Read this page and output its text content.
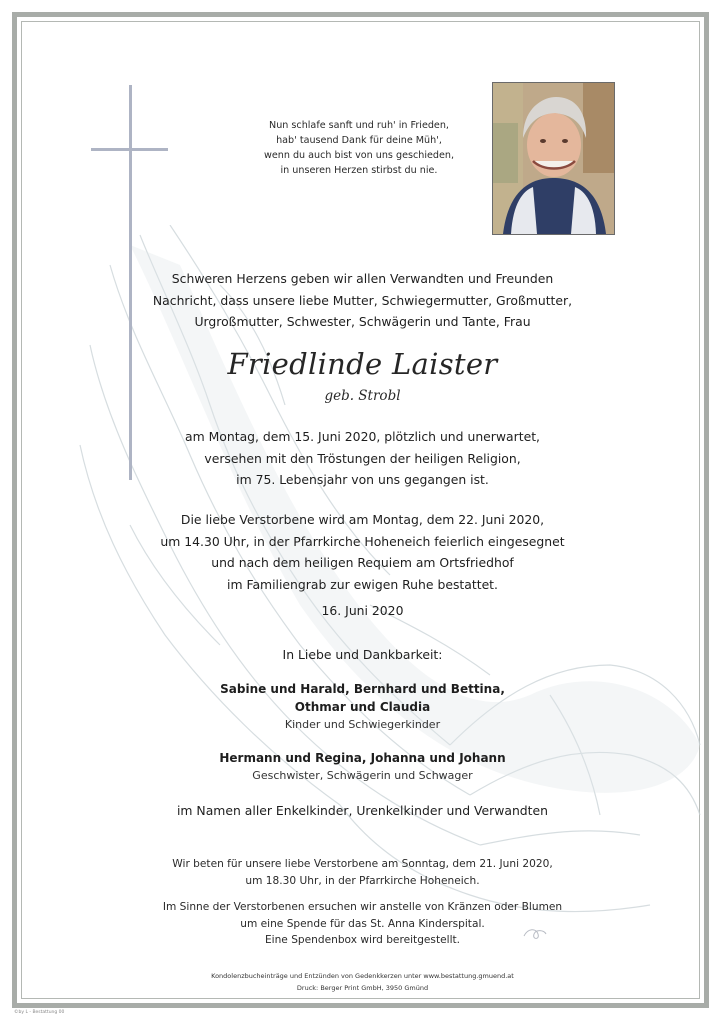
Nun schlafe sanft und ruh' in Frieden,
hab' tausend Dank für deine Müh',
wenn du auch bist von uns geschieden,
in unseren Herzen stirbst du nie.
Schweren Herzens geben wir allen Verwandten und Freunden
Nachricht, dass unsere liebe Mutter, Schwiegermutter, Großmutter,
Urgroßmutter, Schwester, Schwägerin und Tante, Frau
Friedlinde Laister
geb. Strobl
am Montag, dem 15. Juni 2020, plötzlich und unerwartet,
versehen mit den Tröstungen der heiligen Religion,
im 75. Lebensjahr von uns gegangen ist.
Die liebe Verstorbene wird am Montag, dem 22. Juni 2020,
um 14.30 Uhr, in der Pfarrkirche Hoheneich feierlich eingesegnet
und nach dem heiligen Requiem am Ortsfriedhof
im Familiengrab zur ewigen Ruhe bestattet.
16. Juni 2020
In Liebe und Dankbarkeit:
Sabine und Harald, Bernhard und Bettina,
Othmar und Claudia
Kinder und Schwiegerkinder
Hermann und Regina, Johanna und Johann
Geschwister, Schwägerin und Schwager
im Namen aller Enkelkinder, Urenkelkinder und Verwandten
Wir beten für unsere liebe Verstorbene am Sonntag, dem 21. Juni 2020,
um 18.30 Uhr, in der Pfarrkirche Hoheneich.
Im Sinne der Verstorbenen ersuchen wir anstelle von Kränzen oder Blumen
um eine Spende für das St. Anna Kinderspital.
Eine Spendenbox wird bereitgestellt.
Kondolenzbucheinträge und Entzünden von Gedenkkerzen unter www.bestattung.gmuend.at
Druck: Berger Print GmbH, 3950 Gmünd
©by L - Bestattung 00
